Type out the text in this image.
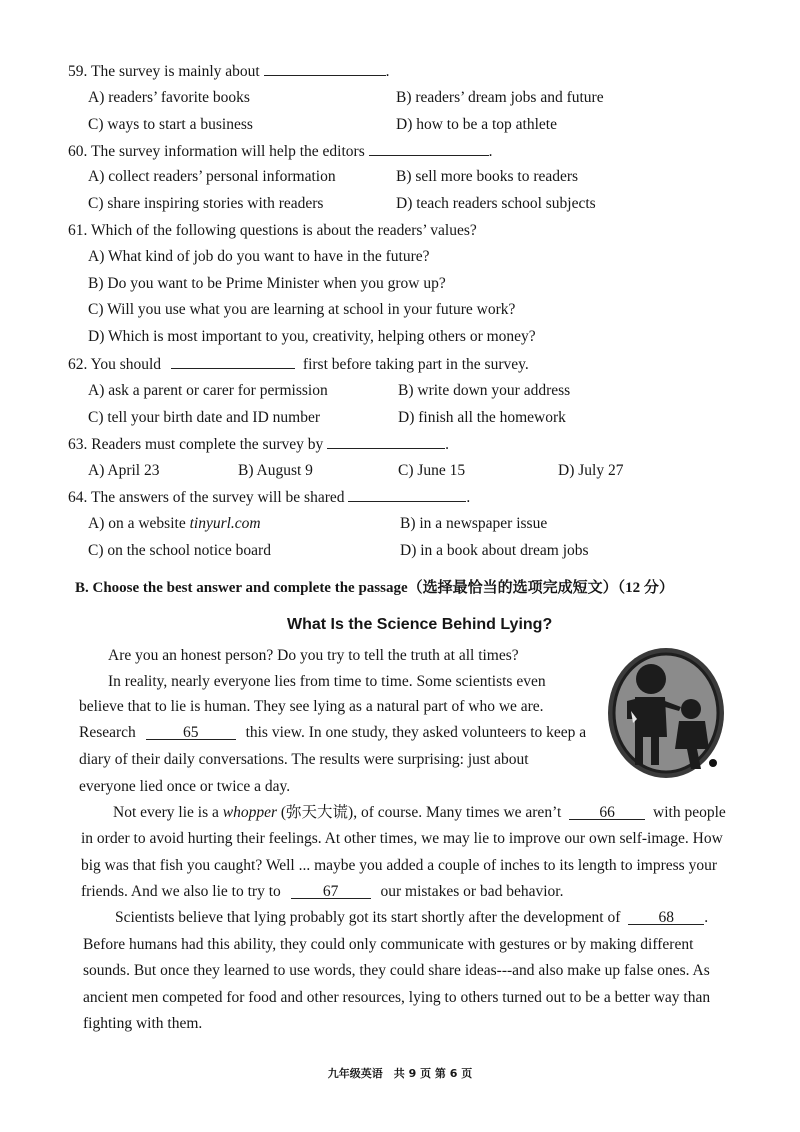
59. The survey is mainly about	.
A) readers’ favorite books	B) readers’ dream jobs and future
C) ways to start a business	D) how to be a top athlete
60. The survey information will help the editors	.
A) collect readers’ personal information	B) sell more books to readers
C) share inspiring stories with readers	D) teach readers school subjects
61. Which of the following questions is about the readers’ values?
A) What kind of job do you want to have in the future?
B) Do you want to be Prime Minister when you grow up?
C) Will you use what you are learning at school in your future work?
D) Which is most important to you, creativity, helping others or money?
62. You should	first before taking part in the survey.
A) ask a parent or carer for permission	B) write down your address
C) tell your birth date and ID number	D) finish all the homework
63. Readers must complete the survey by	.
A) April 23	B) August 9	C) June 15	D) July 27
64. The answers of the survey will be shared	.
A) on a website tinyurl.com	B) in a newspaper issue
C) on the school notice board	D) in a book about dream jobs
B. Choose the best answer and complete the passage（选择最恰当的选项完成短文）（12 分）
What Is the Science Behind Lying?
Are you an honest person? Do you try to tell the truth at all times?
In reality, nearly everyone lies from time to time. Some scientists even
believe that to lie is human. They see lying as a natural part of who we are.
Research	65	this view. In one study, they asked volunteers to keep a
diary of their daily conversations. The results were surprising: just about
everyone lied once or twice a day.
Not every lie is a whopper (弥天大谎), of course. Many times we aren’t 66 with people
in order to avoid hurting their feelings. At other times, we may lie to improve our own self-image. How
big was that fish you caught? Well ... maybe you added a couple of inches to its length to impress your
friends. And we also lie to try to	67	our mistakes or bad behavior.
Scientists believe that lying probably got its start shortly after the development of 68 .
Before humans had this ability, they could only communicate with gestures or by making different
sounds. But once they learned to use words, they could share ideas---and also make up false ones. As
ancient men competed for food and other resources, lying to others turned out to be a better way than
fighting with them.
九年级英语　共 9 页 第 6 页
